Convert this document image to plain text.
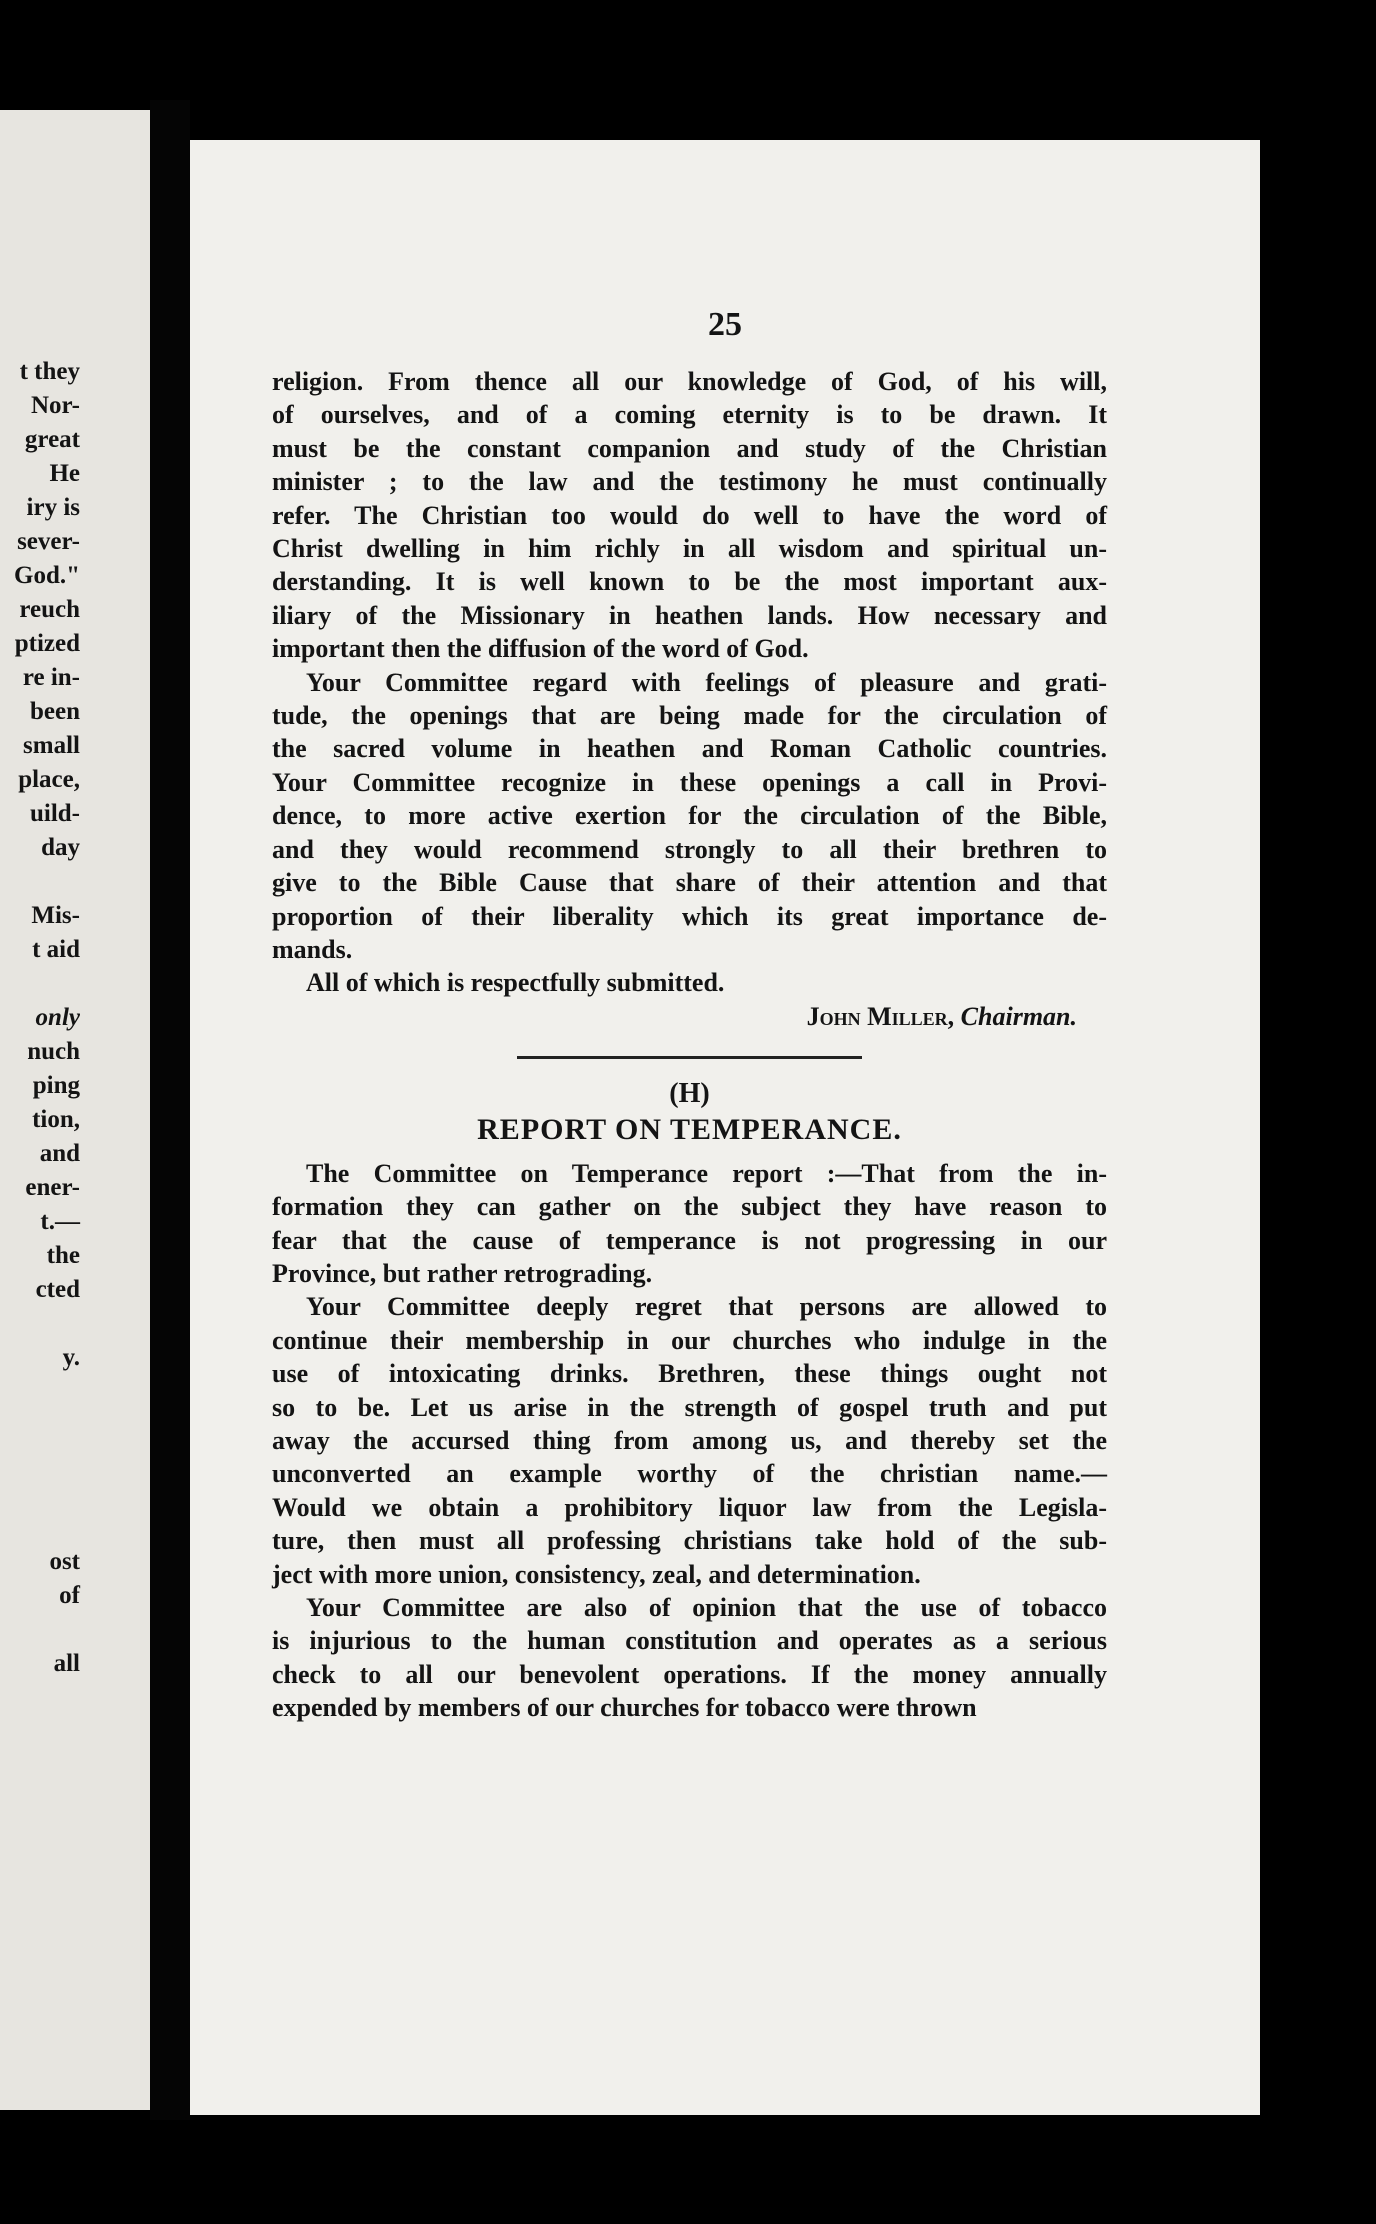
t they
Nor-
great
He
iry is
sever-
God."
reuch
ptized
re in-
been
small
place,
uild-
day
Mis-
t aid
only
nuch
ping
tion,
and
ener-
t.—
the
cted
y.
ost
of
all
25
religion. From thence all our knowledge of God, of his will,
of ourselves, and of a coming eternity is to be drawn. It
must be the constant companion and study of the Christian
minister ; to the law and the testimony he must continually
refer. The Christian too would do well to have the word of
Christ dwelling in him richly in all wisdom and spiritual un-
derstanding. It is well known to be the most important aux-
iliary of the Missionary in heathen lands. How necessary and
important then the diffusion of the word of God.
Your Committee regard with feelings of pleasure and grati-
tude, the openings that are being made for the circulation of
the sacred volume in heathen and Roman Catholic countries.
Your Committee recognize in these openings a call in Provi-
dence, to more active exertion for the circulation of the Bible,
and they would recommend strongly to all their brethren to
give to the Bible Cause that share of their attention and that
proportion of their liberality which its great importance de-
mands.
All of which is respectfully submitted.
John Miller, Chairman.
(H)
REPORT ON TEMPERANCE.
The Committee on Temperance report :—That from the in-
formation they can gather on the subject they have reason to
fear that the cause of temperance is not progressing in our
Province, but rather retrograding.
Your Committee deeply regret that persons are allowed to
continue their membership in our churches who indulge in the
use of intoxicating drinks. Brethren, these things ought not
so to be. Let us arise in the strength of gospel truth and put
away the accursed thing from among us, and thereby set the
unconverted an example worthy of the christian name.—
Would we obtain a prohibitory liquor law from the Legisla-
ture, then must all professing christians take hold of the sub-
ject with more union, consistency, zeal, and determination.
Your Committee are also of opinion that the use of tobacco
is injurious to the human constitution and operates as a serious
check to all our benevolent operations. If the money annually
expended by members of our churches for tobacco were thrown
